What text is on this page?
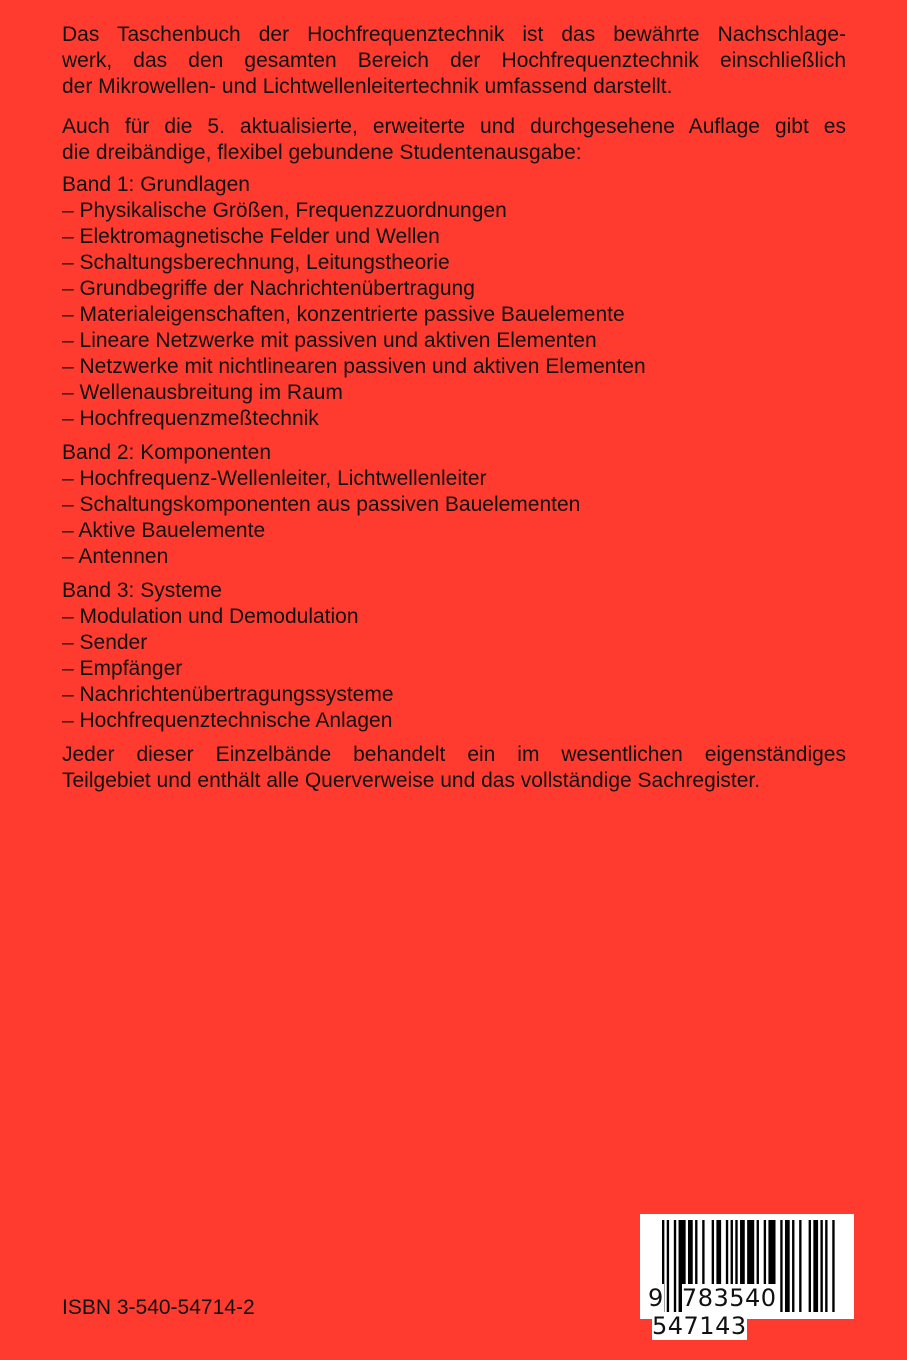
Das Taschenbuch der Hochfrequenztechnik ist das bewährte Nachschlage-
werk, das den gesamten Bereich der Hochfrequenztechnik einschließlich
der Mikrowellen- und Lichtwellenleitertechnik umfassend darstellt.
Auch für die 5. aktualisierte, erweiterte und durchgesehene Auflage gibt es
die dreibändige, flexibel gebundene Studentenausgabe:
Band 1: Grundlagen
– Physikalische Größen, Frequenzzuordnungen
– Elektromagnetische Felder und Wellen
– Schaltungsberechnung, Leitungstheorie
– Grundbegriffe der Nachrichtenübertragung
– Materialeigenschaften, konzentrierte passive Bauelemente
– Lineare Netzwerke mit passiven und aktiven Elementen
– Netzwerke mit nichtlinearen passiven und aktiven Elementen
– Wellenausbreitung im Raum
– Hochfrequenzmeßtechnik
Band 2: Komponenten
– Hochfrequenz-Wellenleiter, Lichtwellenleiter
– Schaltungskomponenten aus passiven Bauelementen
– Aktive Bauelemente
– Antennen
Band 3: Systeme
– Modulation und Demodulation
– Sender
– Empfänger
– Nachrichtenübertragungssysteme
– Hochfrequenztechnische Anlagen
Jeder dieser Einzelbände behandelt ein im wesentlichen eigenständiges
Teilgebiet und enthält alle Querverweise und das vollständige Sachregister.
ISBN 3-540-54714-2	9 783540 547143
